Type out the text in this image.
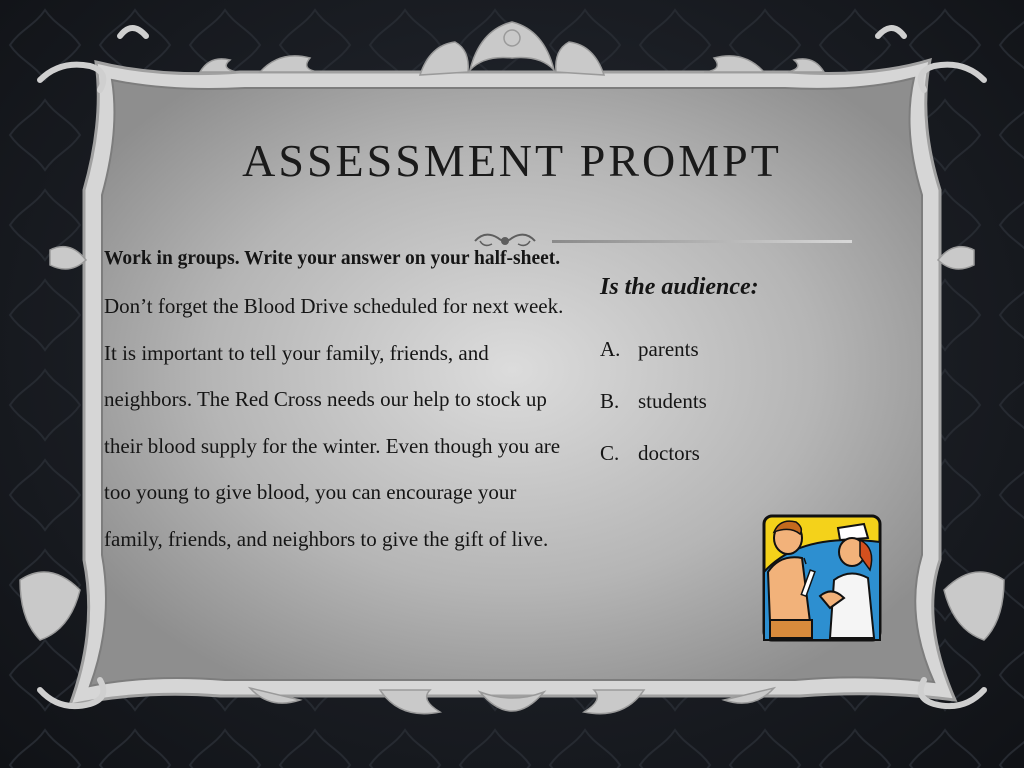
ASSESSMENT PROMPT

Work in groups. Write your answer on your half-sheet.

Don’t forget the Blood Drive scheduled for next week. It is important to tell your family, friends, and neighbors. The Red Cross needs our help to stock up their blood supply for the winter. Even though you are too young to give blood, you can encourage your family, friends, and neighbors to give the gift of live.

Is the audience:

A. parents
B. students
C. doctors
